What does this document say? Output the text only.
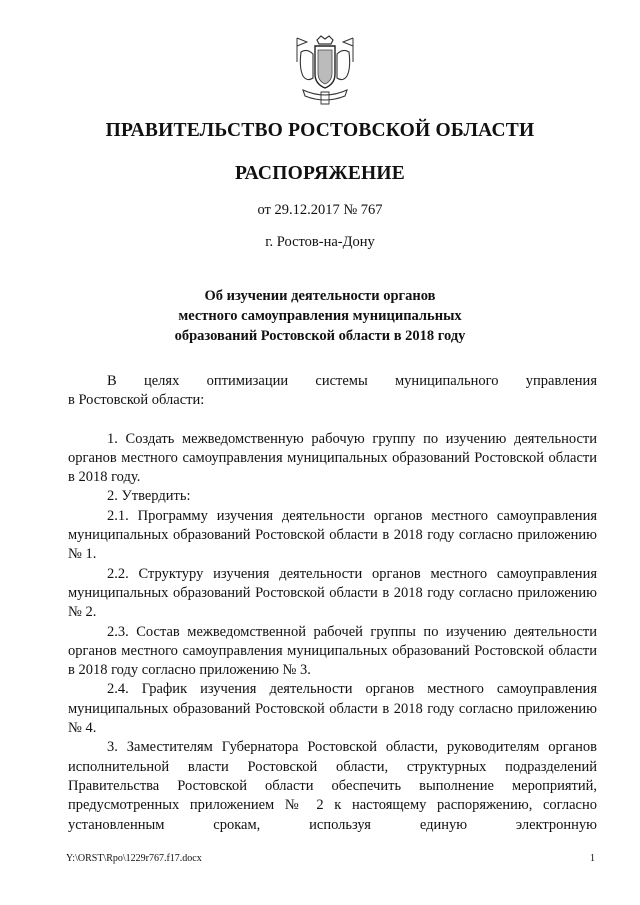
ПРАВИТЕЛЬСТВО РОСТОВСКОЙ ОБЛАСТИ
РАСПОРЯЖЕНИЕ
от 29.12.2017 № 767
г. Ростов-на-Дону
Об изучении деятельности органов
местного самоуправления муниципальных
образований Ростовской области в 2018 году
В целях оптимизации системы муниципального управления
в Ростовской области:

1. Создать межведомственную рабочую группу по изучению деятельности органов местного самоуправления муниципальных образований Ростовской области в 2018 году.

2. Утвердить:

2.1. Программу изучения деятельности органов местного самоуправления муниципальных образований Ростовской области в 2018 году согласно приложению № 1.

2.2. Структуру изучения деятельности органов местного самоуправления муниципальных образований Ростовской области в 2018 году согласно приложению № 2.

2.3. Состав межведомственной рабочей группы по изучению деятельности органов местного самоуправления муниципальных образований Ростовской области в 2018 году согласно приложению № 3.

2.4. График изучения деятельности органов местного самоуправления муниципальных образований Ростовской области в 2018 году согласно приложению № 4.

3. Заместителям Губернатора Ростовской области, руководителям органов исполнительной власти Ростовской области, структурных подразделений Правительства Ростовской области обеспечить выполнение мероприятий, предусмотренных приложением № 2 к настоящему распоряжению, согласно установленным срокам, используя единую электронную

Y:\ORST\Rpo\1229r767.f17.docx	1
